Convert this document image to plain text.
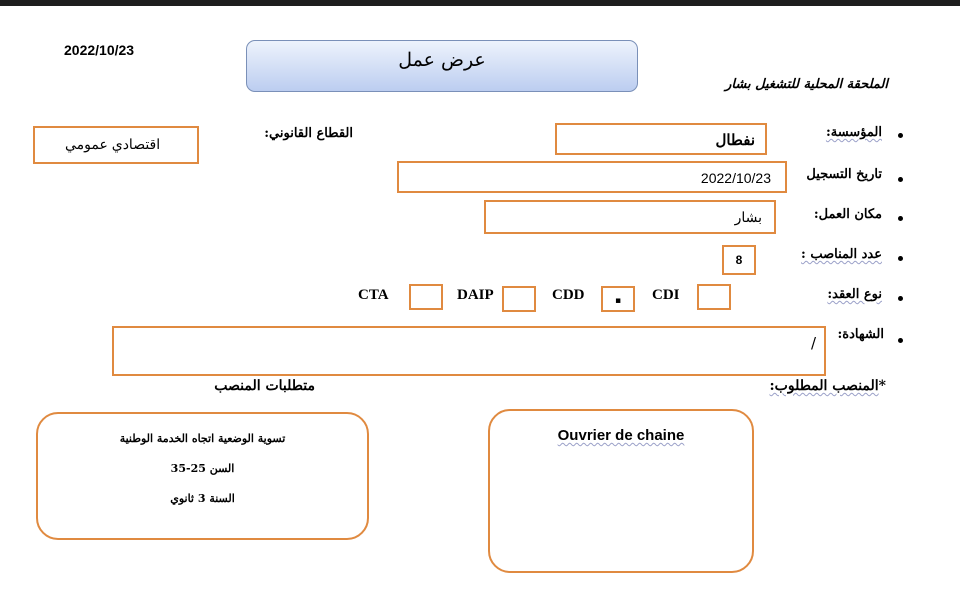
2022/10/23	عرض عمل
الملحقة المحلية للتشغيل بشار
المؤسسة:
نفطال
القطاع القانوني:
اقتصادي عمومي
تاريخ التسجيل
2022/10/23
مكان العمل:
بشار
عدد المناصب :
8
نوع العقد:
CDI
▪
CDD
DAIP
CTA
الشهادة:
/
*المنصب المطلوب:
متطلبات المنصب
Ouvrier de chaine
تسوية الوضعية اتجاه الخدمة الوطنية
السن 25-35
السنة 3 ثانوي
